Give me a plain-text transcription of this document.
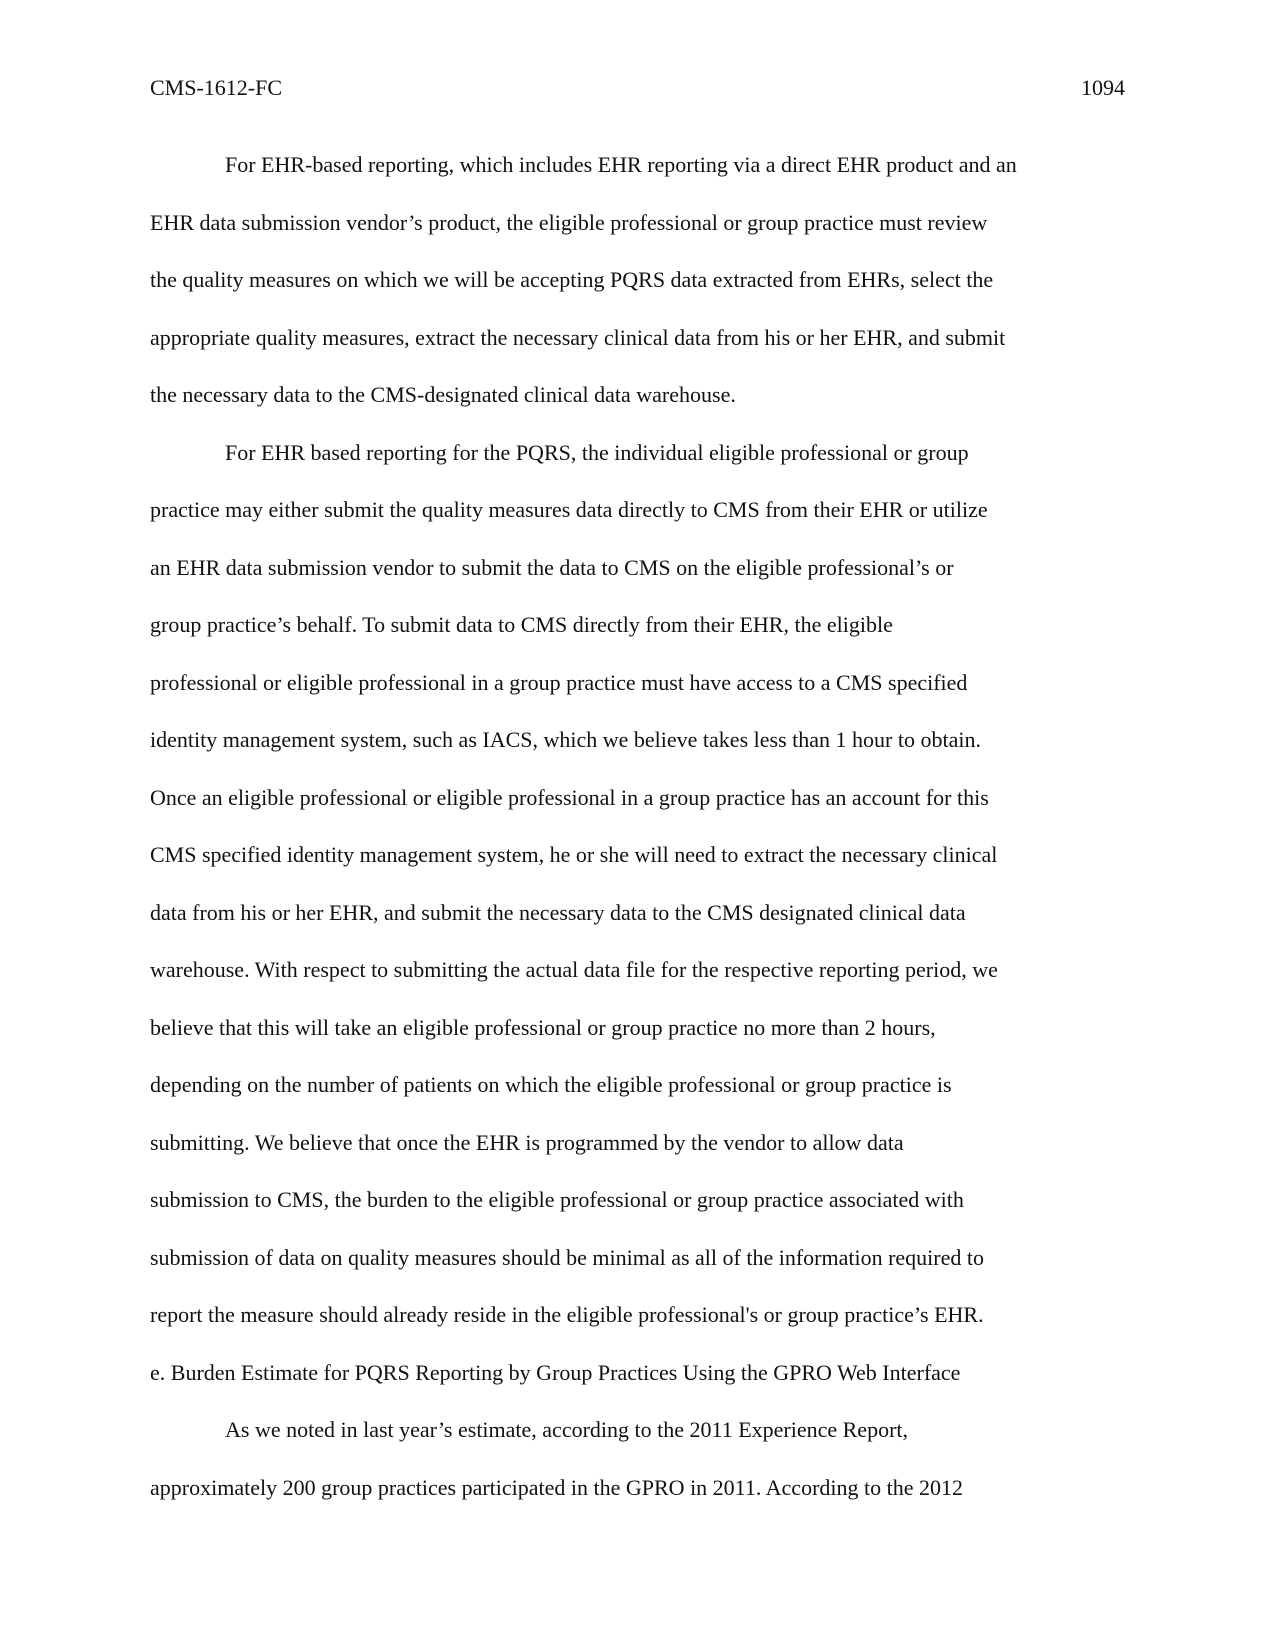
CMS-1612-FC	1094
For EHR-based reporting, which includes EHR reporting via a direct EHR product and an
EHR data submission vendor’s product, the eligible professional or group practice must review
the quality measures on which we will be accepting PQRS data extracted from EHRs, select the
appropriate quality measures, extract the necessary clinical data from his or her EHR, and submit
the necessary data to the CMS-designated clinical data warehouse.
For EHR based reporting for the PQRS, the individual eligible professional or group
practice may either submit the quality measures data directly to CMS from their EHR or utilize
an EHR data submission vendor to submit the data to CMS on the eligible professional’s or
group practice’s behalf. To submit data to CMS directly from their EHR, the eligible
professional or eligible professional in a group practice must have access to a CMS specified
identity management system, such as IACS, which we believe takes less than 1 hour to obtain.
Once an eligible professional or eligible professional in a group practice has an account for this
CMS specified identity management system, he or she will need to extract the necessary clinical
data from his or her EHR, and submit the necessary data to the CMS designated clinical data
warehouse. With respect to submitting the actual data file for the respective reporting period, we
believe that this will take an eligible professional or group practice no more than 2 hours,
depending on the number of patients on which the eligible professional or group practice is
submitting. We believe that once the EHR is programmed by the vendor to allow data
submission to CMS, the burden to the eligible professional or group practice associated with
submission of data on quality measures should be minimal as all of the information required to
report the measure should already reside in the eligible professional's or group practice’s EHR.
e. Burden Estimate for PQRS Reporting by Group Practices Using the GPRO Web Interface
As we noted in last year’s estimate, according to the 2011 Experience Report,
approximately 200 group practices participated in the GPRO in 2011. According to the 2012
